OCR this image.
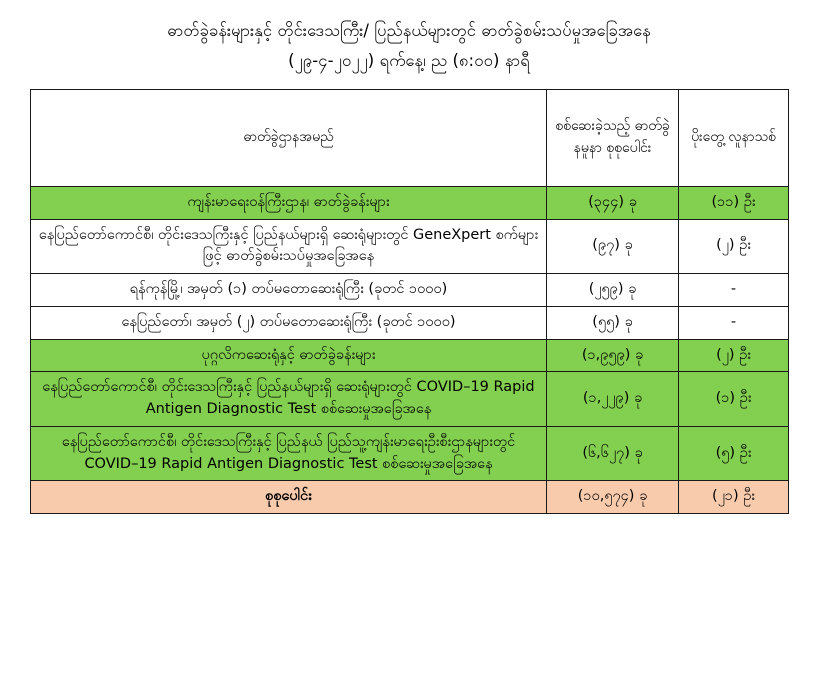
ဓာတ်ခွဲခန်းများနှင့် တိုင်းဒေသကြီး/ ပြည်နယ်များတွင် ဓာတ်ခွဲစမ်းသပ်မှုအခြေအနေ
(၂၉-၄-၂၀၂၂) ရက်နေ့၊ ည (၈:၀၀) နာရီ
ဓာတ်ခွဲဌာနအမည်	စစ်ဆေးခဲ့သည့် ဓာတ်ခွဲနမူနာ စုစုပေါင်း	ပိုးတွေ့ လူနာသစ်
ကျန်းမာရေးဝန်ကြီးဌာန၊ ဓာတ်ခွဲခန်းများ	(၃၄၄) ခု	(၁၁) ဦး
နေပြည်တော်ကောင်စီ၊ တိုင်းဒေသကြီးနှင့် ပြည်နယ်များရှိ ဆေးရုံများတွင် GeneXpert စက်များဖြင့် ဓာတ်ခွဲစမ်းသပ်မှုအခြေအနေ	(၉၇) ခု	(၂) ဦး
ရန်ကုန်မြို့၊ အမှတ် (၁) တပ်မတောဆေးရုံကြီး (ခုတင် ၁၀၀၀)	(၂၅၉) ခု	-
နေပြည်တော်၊ အမှတ် (၂) တပ်မတောဆေးရုံကြီး (ခုတင် ၁၀၀၀)	(၅၅) ခု	-
ပုဂ္ဂလိကဆေးရုံနှင့် ဓာတ်ခွဲခန်းများ	(၁,၉၅၉) ခု	(၂) ဦး
နေပြည်တော်ကောင်စီ၊ တိုင်းဒေသကြီးနှင့် ပြည်နယ်များရှိ ဆေးရုံများတွင် COVID–19 Rapid Antigen Diagnostic Test စစ်ဆေးမှုအခြေအနေ	(၁,၂၂၉) ခု	(၁) ဦး
နေပြည်တော်ကောင်စီ၊ တိုင်းဒေသကြီးနှင့် ပြည်နယ် ပြည်သူ့ကျန်းမာရေးဦးစီးဌာနများတွင် COVID–19 Rapid Antigen Diagnostic Test စစ်ဆေးမှုအခြေအနေ	(၆,၆၂၇) ခု	(၅) ဦး
စုစုပေါင်း	(၁၀,၅၇၄) ခု	(၂၁) ဦး
